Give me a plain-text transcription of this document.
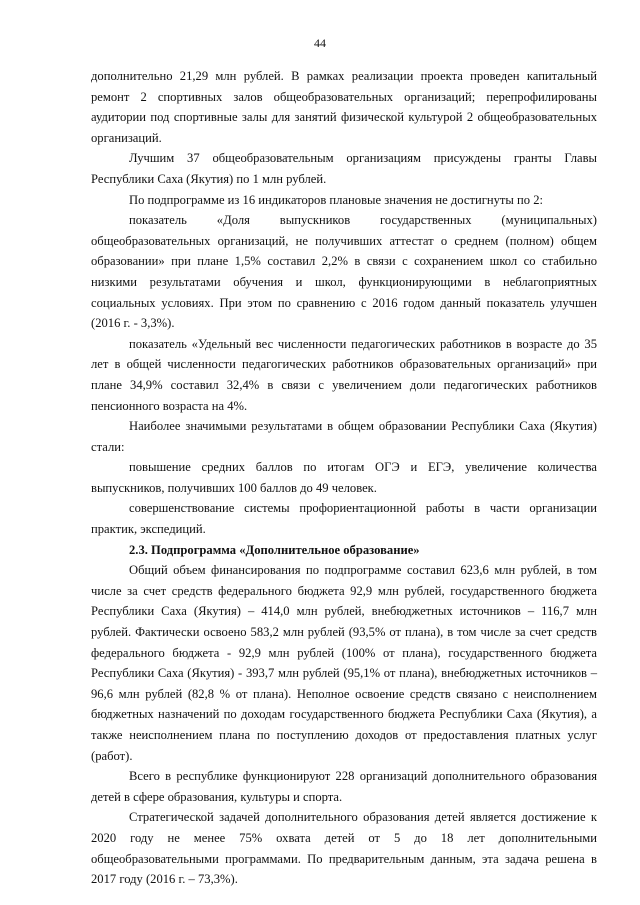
44

дополнительно 21,29 млн рублей. В рамках реализации проекта проведен капитальный ремонт 2 спортивных залов общеобразовательных организаций; перепрофилированы аудитории под спортивные залы для занятий физической культурой 2 общеобразовательных организаций.

Лучшим 37 общеобразовательным организациям присуждены гранты Главы Республики Саха (Якутия) по 1 млн рублей.

По подпрограмме из 16 индикаторов плановые значения не достигнуты по 2:

показатель «Доля выпускников государственных (муниципальных) общеобразовательных организаций, не получивших аттестат о среднем (полном) общем образовании» при плане 1,5% составил 2,2% в связи с сохранением школ со стабильно низкими результатами обучения и школ, функционирующими в неблагоприятных социальных условиях. При этом по сравнению с 2016 годом данный показатель улучшен (2016 г. - 3,3%).

показатель «Удельный вес численности педагогических работников в возрасте до 35 лет в общей численности педагогических работников образовательных организаций» при плане 34,9% составил 32,4% в связи с увеличением доли педагогических работников пенсионного возраста на 4%.

Наиболее значимыми результатами в общем образовании Республики Саха (Якутия) стали:

повышение средних баллов по итогам ОГЭ и ЕГЭ, увеличение количества выпускников, получивших 100 баллов до 49 человек.

совершенствование системы профориентационной работы в части организации практик, экспедиций.

2.3. Подпрограмма «Дополнительное образование»

Общий объем финансирования по подпрограмме составил 623,6 млн рублей, в том числе за счет средств федерального бюджета 92,9 млн рублей, государственного бюджета Республики Саха (Якутия) – 414,0 млн рублей, внебюджетных источников – 116,7 млн рублей. Фактически освоено 583,2 млн рублей (93,5% от плана), в том числе за счет средств федерального бюджета - 92,9 млн рублей (100% от плана), государственного бюджета Республики Саха (Якутия) - 393,7 млн рублей (95,1% от плана), внебюджетных источников – 96,6 млн рублей (82,8 % от плана). Неполное освоение средств связано с неисполнением бюджетных назначений по доходам государственного бюджета Республики Саха (Якутия), а также неисполнением плана по поступлению доходов от предоставления платных услуг (работ).

Всего в республике функционируют 228 организаций дополнительного образования детей в сфере образования, культуры и спорта.

Стратегической задачей дополнительного образования детей является достижение к 2020 году не менее 75% охвата детей от 5 до 18 лет дополнительными общеобразовательными программами. По предварительным данным, эта задача решена в 2017 году (2016 г. – 73,3%).
